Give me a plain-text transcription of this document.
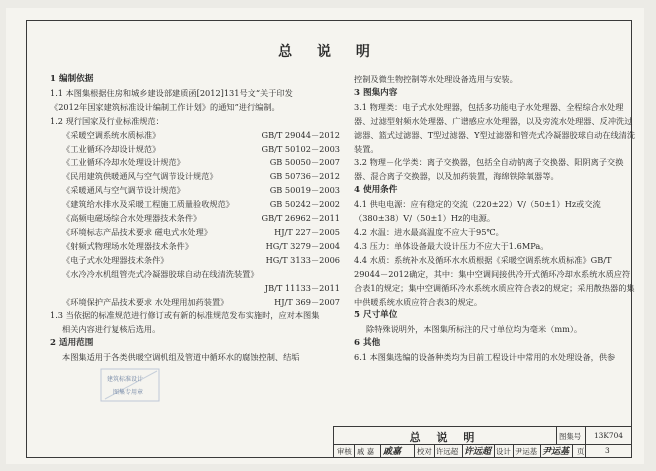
总 说 明
1 编制依据
1.1 本图集根据住房和城乡建设部建质函[2012]131号文“关于印发
《2012年国家建筑标准设计编制工作计划》的通知”进行编制。
1.2 现行国家及行业标准规范：
《采暖空调系统水质标准》	GB/T 29044－2012
《工业循环冷却设计规范》	GB/T 50102－2003
《工业循环冷却水处理设计规范》	GB 50050－2007
《民用建筑供暖通风与空气调节设计规范》	GB 50736－2012
《采暖通风与空气调节设计规范》	GB 50019－2003
《建筑给水排水及采暖工程施工质量验收规范》	GB 50242－2002
《高频电磁场综合水处理器技术条件》	GB/T 26962－2011
《环境标志产品技术要求 磁电式水处理》	HJ/T 227－2005
《射频式物理场水处理器技术条件》	HG/T 3279－2004
《电子式水处理器技术条件》	HG/T 3133－2006
《水冷冷水机组管壳式冷凝器胶球自动在线清洗装置》
JB/T 11133－2011
《环境保护产品技术要求 水处理用加药装置》	HJ/T 369－2007
1.3 当依据的标准规范进行修订或有新的标准规范发布实施时，应对本图集
相关内容进行复核后选用。
2 适用范围
本图集适用于各类供暖空调机组及管道中循环水的腐蚀控制、结垢
建筑标准设计
图集专用章
控制及微生物控制等水处理设备选用与安装。
3 图集内容
3.1 物理类：电子式水处理器，包括多功能电子水处理器、全程综合水处理器、过滤型射频水处理器、广谱感应水处理器，以及旁流水处理器、反冲洗过滤器、篮式过滤器、T型过滤器、Y型过滤器和管壳式冷凝器胶球自动在线清洗装置。
3.2 物理－化学类：离子交换器，包括全自动钠离子交换器、阳阴离子交换器、混合离子交换器，以及加药装置，海绵铁除氧器等。
4 使用条件
4.1 供电电源：应有稳定的交流（220±22）V/（50±1）Hz或交流（380±38）V/（50±1）Hz的电源。
4.2 水温：进水最高温度不应大于95℃。
4.3 压力：单体设备最大设计压力不应大于1.6MPa。
4.4 水质：系统补水及循环水水质根据《采暖空调系统水质标准》GB/T 29044－2012确定，其中：集中空调间接供冷开式循环冷却水系统水质应符合表1的规定；集中空调循环冷水系统水质应符合表2的规定；采用散热器的集中供暖系统水质应符合表3的规定。
5 尺寸单位
除特殊说明外，本图集所标注的尺寸单位均为毫米（mm）。
6 其他
6.1 本图集选编的设备种类均为目前工程设计中常用的水处理设备，供参
总 说 明	图集号	13K704
审核 戚 嘉 戚嘉 校对 许远超 许远超 设计 尹运基 尹运基 页	3
